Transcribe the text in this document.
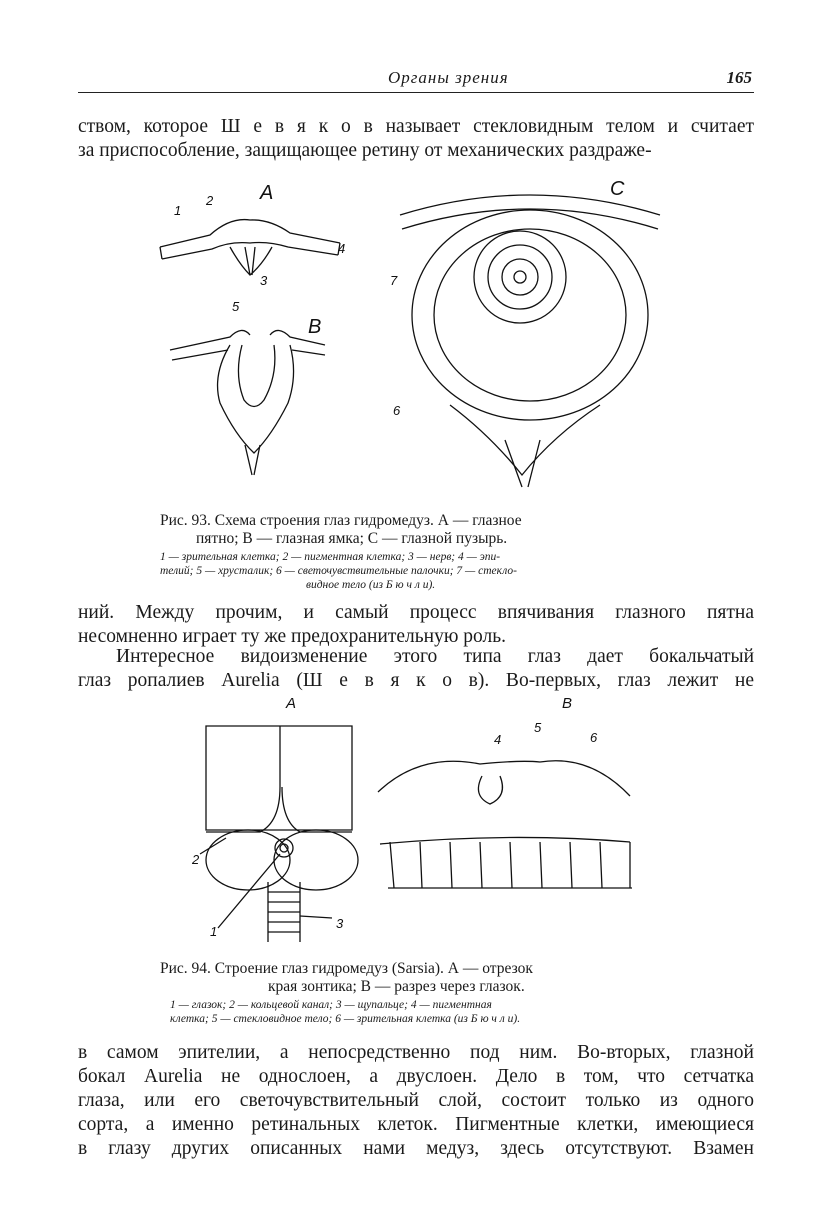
Органы зрения	165
ством, которое Ш е в я к о в называет стекловидным телом и считает
за приспособление, защищающее ретину от механических раздраже-
A
B
C
1
2
3
4
5
6
7
Рис. 93. Схема строения глаз гидромедуз. А — глазное
пятно; В — глазная ямка; С — глазной пузырь.
1 — зрительная клетка; 2 — пигментная клетка; 3 — нерв; 4 — эпи-
телий; 5 — хрусталик; 6 — светочувствительные палочки; 7 — стекло-
видное тело (из Б ю ч л и).
ний. Между прочим, и самый процесс впячивания глазного пятна
несомненно играет ту же предохранительную роль.
Интересное видоизменение этого типа глаз дает бокальчатый
глаз ропалиев Aurelia (Ш е в я к о в). Во-первых, глаз лежит не
A	B
1
2
3
4
5
6
Рис. 94. Строение глаз гидромедуз (Sarsia). А — отрезок
края зонтика; В — разрез через глазок.
1 — глазок; 2 — кольцевой канал; 3 — щупальце; 4 — пигментная
клетка; 5 — стекловидное тело; 6 — зрительная клетка (из Б ю ч л и).
в самом эпителии, а непосредственно под ним. Во-вторых, глазной
бокал Aurelia не однослоен, а двуслоен. Дело в том, что сетчатка
глаза, или его светочувствительный слой, состоит только из одного
сорта, а именно ретинальных клеток. Пигментные клетки, имеющиеся
в глазу других описанных нами медуз, здесь отсутствуют. Взамен
